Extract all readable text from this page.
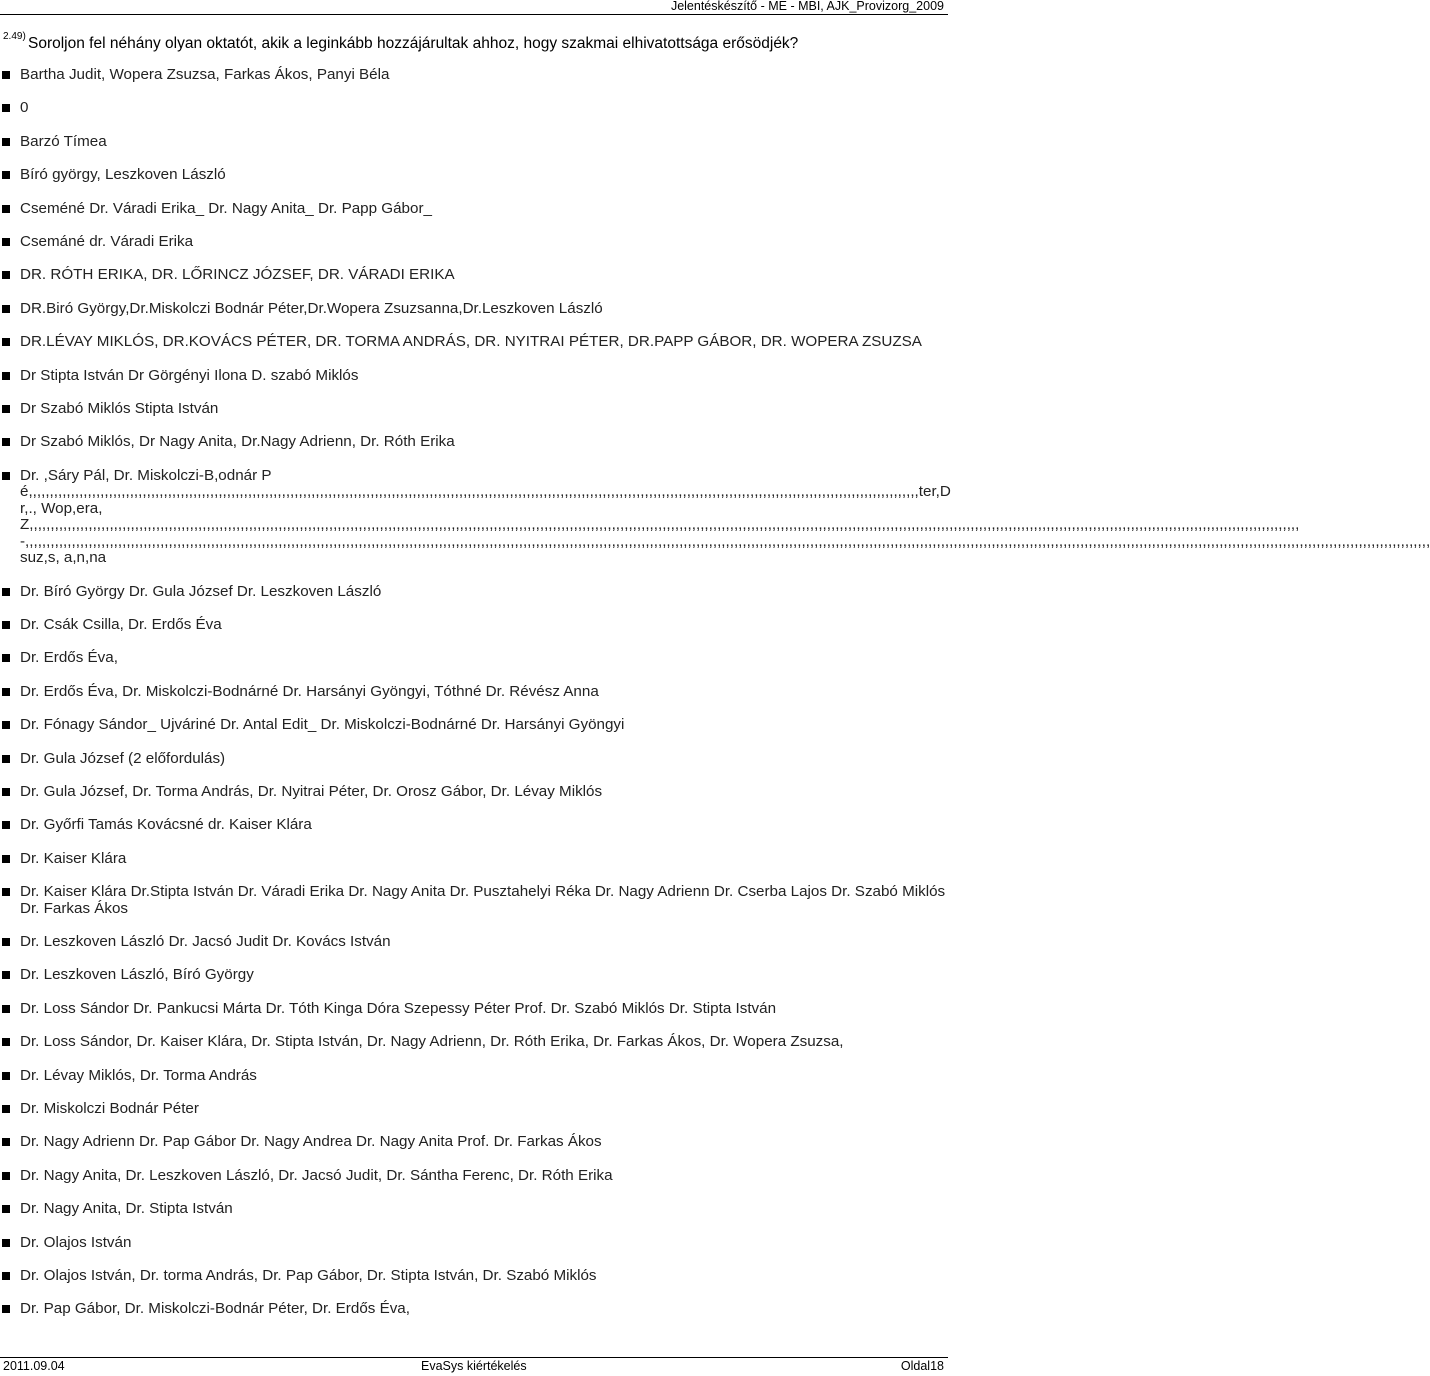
Jelentéskészítő - ME - MBI, AJK_Provizorg_2009
2.49) Soroljon fel néhány olyan oktatót, akik a leginkább hozzájárultak ahhoz, hogy szakmai elhivatottsága erősödjék?
Bartha Judit, Wopera Zsuzsa, Farkas Ákos, Panyi Béla
0
Barzó Tímea
Bíró györgy, Leszkoven László
Cseméné Dr. Váradi Erika_ Dr. Nagy Anita_ Dr. Papp Gábor_
Csemáné dr. Váradi Erika
DR. RÓTH ERIKA, DR. LŐRINCZ JÓZSEF, DR. VÁRADI ERIKA
DR.Biró György,Dr.Miskolczi Bodnár Péter,Dr.Wopera Zsuzsanna,Dr.Leszkoven László
DR.LÉVAY MIKLÓS, DR.KOVÁCS PÉTER, DR. TORMA ANDRÁS, DR. NYITRAI PÉTER, DR.PAPP GÁBOR, DR. WOPERA ZSUZSA
Dr Stipta István Dr Görgényi Ilona D. szabó Miklós
Dr Szabó Miklós Stipta István
Dr Szabó Miklós, Dr Nagy Anita, Dr.Nagy Adrienn, Dr. Róth Erika
Dr. ,Sáry Pál, Dr. Miskolczi-B,odnár Pé,,,,,,,,,,,,,,,,,,,,,,,,,,,,,,,,,,,,,,,,,,,,,,,,,,,,,,,,,,,,,,,,,,,,,,,,,,,,,,,,,,,,,,,,,,,,,,,,,,,,,,,,,,,,,,,,,,,,,,,,,,,,,,,,,,,,,,,,,,,,,,,,,,,,,,,,,,,,,,,,,,,,,,,,,,,,,,,,,,,,,,,,,,,,,,,,,,,,,,,,,,,,,,,,,,,ter,Dr,., Wop,era, Z,,,,,,,,,,,,,,,,,,,,,,,,,,,,,,,,,,,,,,,,,,,,,,,,,,,,,,,,,,,,,,,,,,,,,,,,,,,,,,,,,,,,,,,,,,,,,,,,,,,,,,,,,,,,,,,,,,,,,,,,,,,,,,,,,,,,,,,,,,,,,,,,,,,,,,,,,,,,,,,,,,,,,,,,,,,,,,,,,,,,,,,,,,,,,,,,,,,,,,,,,,,,,,,,,,,,,,,,,,,,,,,,,,,,,,,,,,,,,,,,,,,,,,,,,,,,,,,,,,,,,,,,,,,,,,,,,,,,,,,,,,,,,,,,,,,,,,,,,,,,,-,,,,,,,,,,,,,,,,,,,,,,,,,,,,,,,,,,,,,,,,,,,,,,,,,,,,,,,,,,,,,,,,,,,,,,,,,,,,,,,,,,,,,,,,,,,,,,,,,,,,,,,,,,,,,,,,,,,,,,,,,,,,,,,,,,,,,,,,,,,,,,,,,,,,,,,,,,,,,,,,,,,,,,,,,,,,,,,,,,,,,,,,,,,,,,,,,,,,,,,,,,,,,,,,,,,,,,,,,,,,,,,,,,,,,,,,,,,,,,,,,,,,,,,,,,,,,,,,,,,,,,,,,,,,,,,,,,,,,,,,,,,,,,,,,,,,,,,,,,,,,,,,,,,,,,,,,,,,,,,,,,,,,,,,,,,,, suz,s, a,n,na
Dr. Bíró György Dr. Gula József Dr. Leszkoven László
Dr. Csák Csilla, Dr. Erdős Éva
Dr. Erdős Éva,
Dr. Erdős Éva, Dr. Miskolczi-Bodnárné Dr. Harsányi Gyöngyi, Tóthné Dr. Révész Anna
Dr. Fónagy Sándor_ Ujváriné Dr. Antal Edit_ Dr. Miskolczi-Bodnárné Dr. Harsányi Gyöngyi
Dr. Gula József (2 előfordulás)
Dr. Gula József, Dr. Torma András, Dr. Nyitrai Péter, Dr. Orosz Gábor, Dr. Lévay Miklós
Dr. Győrfi Tamás Kovácsné dr. Kaiser Klára
Dr. Kaiser Klára
Dr. Kaiser Klára Dr.Stipta István Dr. Váradi Erika Dr. Nagy Anita Dr. Pusztahelyi Réka Dr. Nagy Adrienn Dr. Cserba Lajos Dr. Szabó Miklós Dr. Farkas Ákos
Dr. Leszkoven László Dr. Jacsó Judit Dr. Kovács István
Dr. Leszkoven László, Bíró György
Dr. Loss Sándor Dr. Pankucsi Márta Dr. Tóth Kinga Dóra Szepessy Péter Prof. Dr. Szabó Miklós Dr. Stipta István
Dr. Loss Sándor, Dr. Kaiser Klára, Dr. Stipta István, Dr. Nagy Adrienn, Dr. Róth Erika, Dr. Farkas Ákos, Dr. Wopera Zsuzsa,
Dr. Lévay Miklós, Dr. Torma András
Dr. Miskolczi Bodnár Péter
Dr. Nagy Adrienn Dr. Pap Gábor Dr. Nagy Andrea Dr. Nagy Anita Prof. Dr. Farkas Ákos
Dr. Nagy Anita, Dr. Leszkoven László, Dr. Jacsó Judit, Dr. Sántha Ferenc, Dr. Róth Erika
Dr. Nagy Anita, Dr. Stipta István
Dr. Olajos István
Dr. Olajos István, Dr. torma András, Dr. Pap Gábor, Dr. Stipta István, Dr. Szabó Miklós
Dr. Pap Gábor, Dr. Miskolczi-Bodnár Péter, Dr. Erdős Éva,
2011.09.04	EvaSys kiértékelés	Oldal18
